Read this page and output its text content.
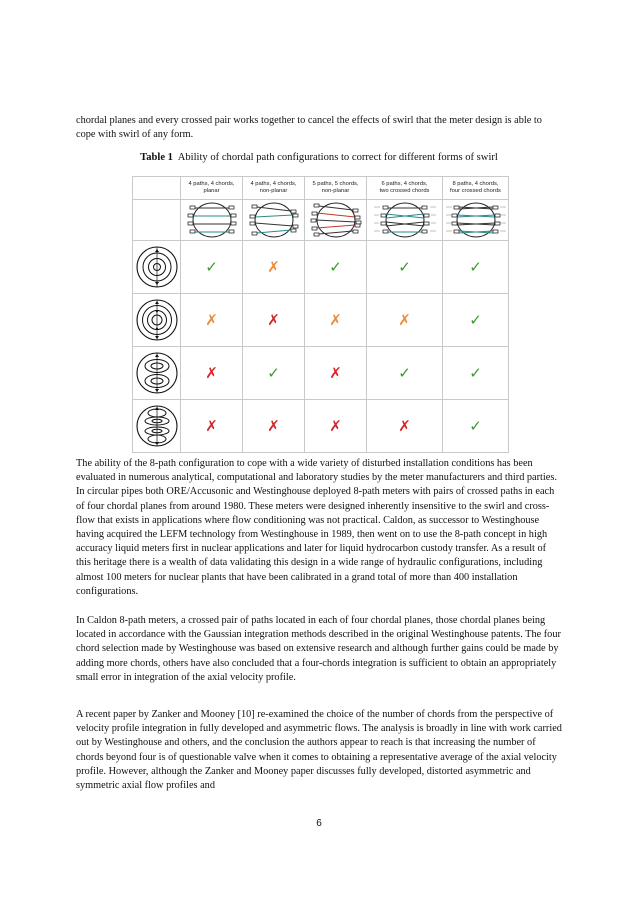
chordal planes and every crossed pair works together to cancel the effects of swirl that the meter design is able to cope with swirl of any form.

Table 1 Ability of chordal path configurations to correct for different forms of swirl
	4 paths, 4 chords,
planar	4 paths, 4 chords,
non-planar	5 paths, 5 chords,
non-planar	6 paths, 4 chords,
two crossed chords	8 paths, 4 chords,
four crossed chords

	✓	✗	✓	✓	✓

	✗	✗	✗	✗	✓

	✗	✓	✗	✓	✓

	✗	✗	✗	✗	✓

The ability of the 8-path configuration to cope with a wide variety of disturbed installation conditions has been evaluated in numerous analytical, computational and laboratory studies by the meter manufacturers and third parties. In circular pipes both ORE/Accusonic and Westinghouse deployed 8-path meters with pairs of crossed paths in each of four chordal planes from around 1980. These meters were designed inherently insensitive to the swirl and cross-flow that exists in applications where flow conditioning was not practical. Caldon, as successor to Westinghouse having acquired the LEFM technology from Westinghouse in 1989, then went on to use the 8-path concept in high accuracy liquid meters first in nuclear applications and later for liquid hydrocarbon custody transfer. As a result of this heritage there is a wealth of data validating this design in a wide range of hydraulic configurations, including almost 100 meters for nuclear plants that have been calibrated in a grand total of more than 400 installation configurations.

In Caldon 8-path meters, a crossed pair of paths located in each of four chordal planes, those chordal planes being located in accordance with the Gaussian integration methods described in the original Westinghouse patents. The four chord selection made by Westinghouse was based on extensive research and although further gains could be made by adding more chords, others have also concluded that a four-chords integration is sufficient to obtain an appropriately small error in integration of the axial velocity profile.

A recent paper by Zanker and Mooney [10] re-examined the choice of the number of chords from the perspective of velocity profile integration in fully developed and asymmetric flows. The analysis is broadly in line with work carried out by Westinghouse and others, and the conclusion the authors appear to reach is that increasing the number of chords beyond four is of questionable valve when it comes to obtaining a representative average of the axial velocity profile. However, although the Zanker and Mooney paper discusses fully developed, distorted asymmetric and symmetric axial flow profiles and

6
